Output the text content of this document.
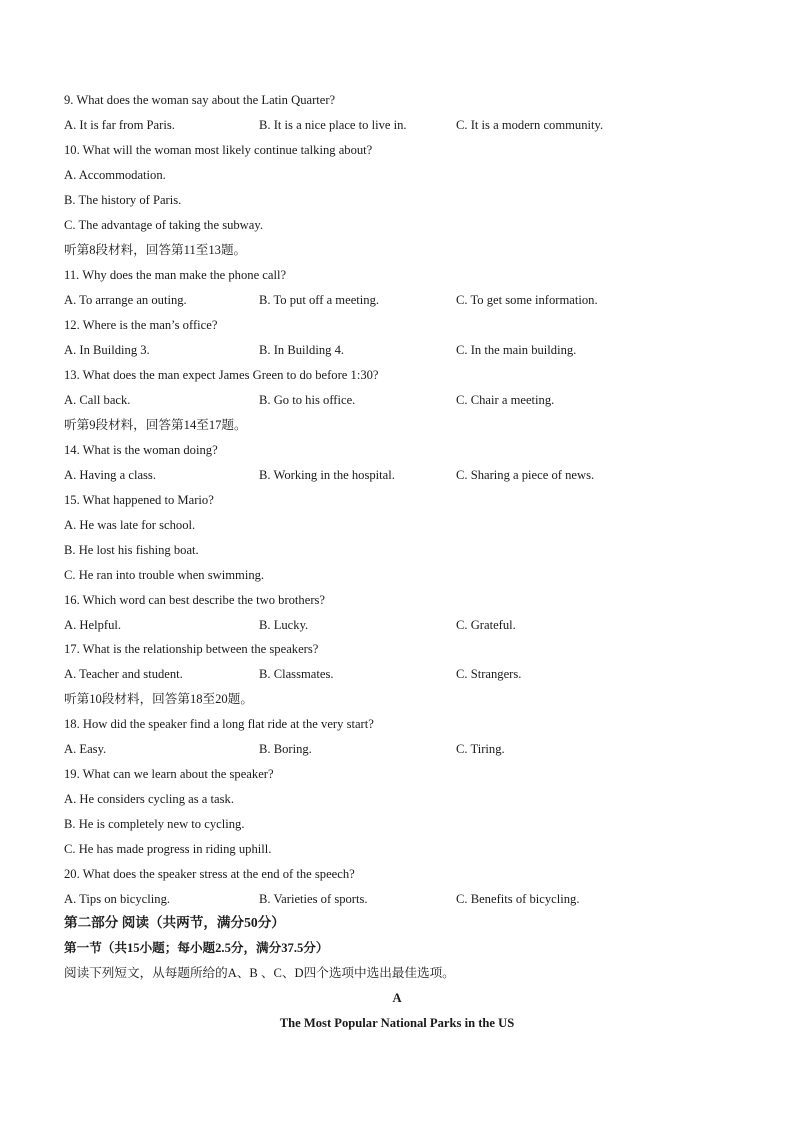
9. What does the woman say about the Latin Quarter?
A. It is far from Paris.	B. It is a nice place to live in.	C. It is a modern community.
10. What will the woman most likely continue talking about?
A. Accommodation.
B. The history of Paris.
C. The advantage of taking the subway.
听第8段材料，回答第11至13题。
11. Why does the man make the phone call?
A. To arrange an outing.	B. To put off a meeting.	C. To get some information.
12. Where is the man’s office?
A. In Building 3.	B. In Building 4.	C. In the main building.
13. What does the man expect James Green to do before 1:30?
A. Call back.	B. Go to his office.	C. Chair a meeting.
听第9段材料，回答第14至17题。
14. What is the woman doing?
A. Having a class.	B. Working in the hospital.	C. Sharing a piece of news.
15. What happened to Mario?
A. He was late for school.
B. He lost his fishing boat.
C. He ran into trouble when swimming.
16. Which word can best describe the two brothers?
A. Helpful.	B. Lucky.	C. Grateful.
17. What is the relationship between the speakers?
A. Teacher and student.	B. Classmates.	C. Strangers.
听第10段材料，回答第18至20题。
18. How did the speaker find a long flat ride at the very start?
A. Easy.	B. Boring.	C. Tiring.
19. What can we learn about the speaker?
A. He considers cycling as a task.
B. He is completely new to cycling.
C. He has made progress in riding uphill.
20. What does the speaker stress at the end of the speech?
A. Tips on bicycling.	B. Varieties of sports.	C. Benefits of bicycling.
第二部分 阅读（共两节，满分50分）
第一节（共15小题；每小题2.5分，满分37.5分）
阅读下列短文，从每题所给的A、B 、C、D四个选项中选出最佳选项。
A
The Most Popular National Parks in the US
